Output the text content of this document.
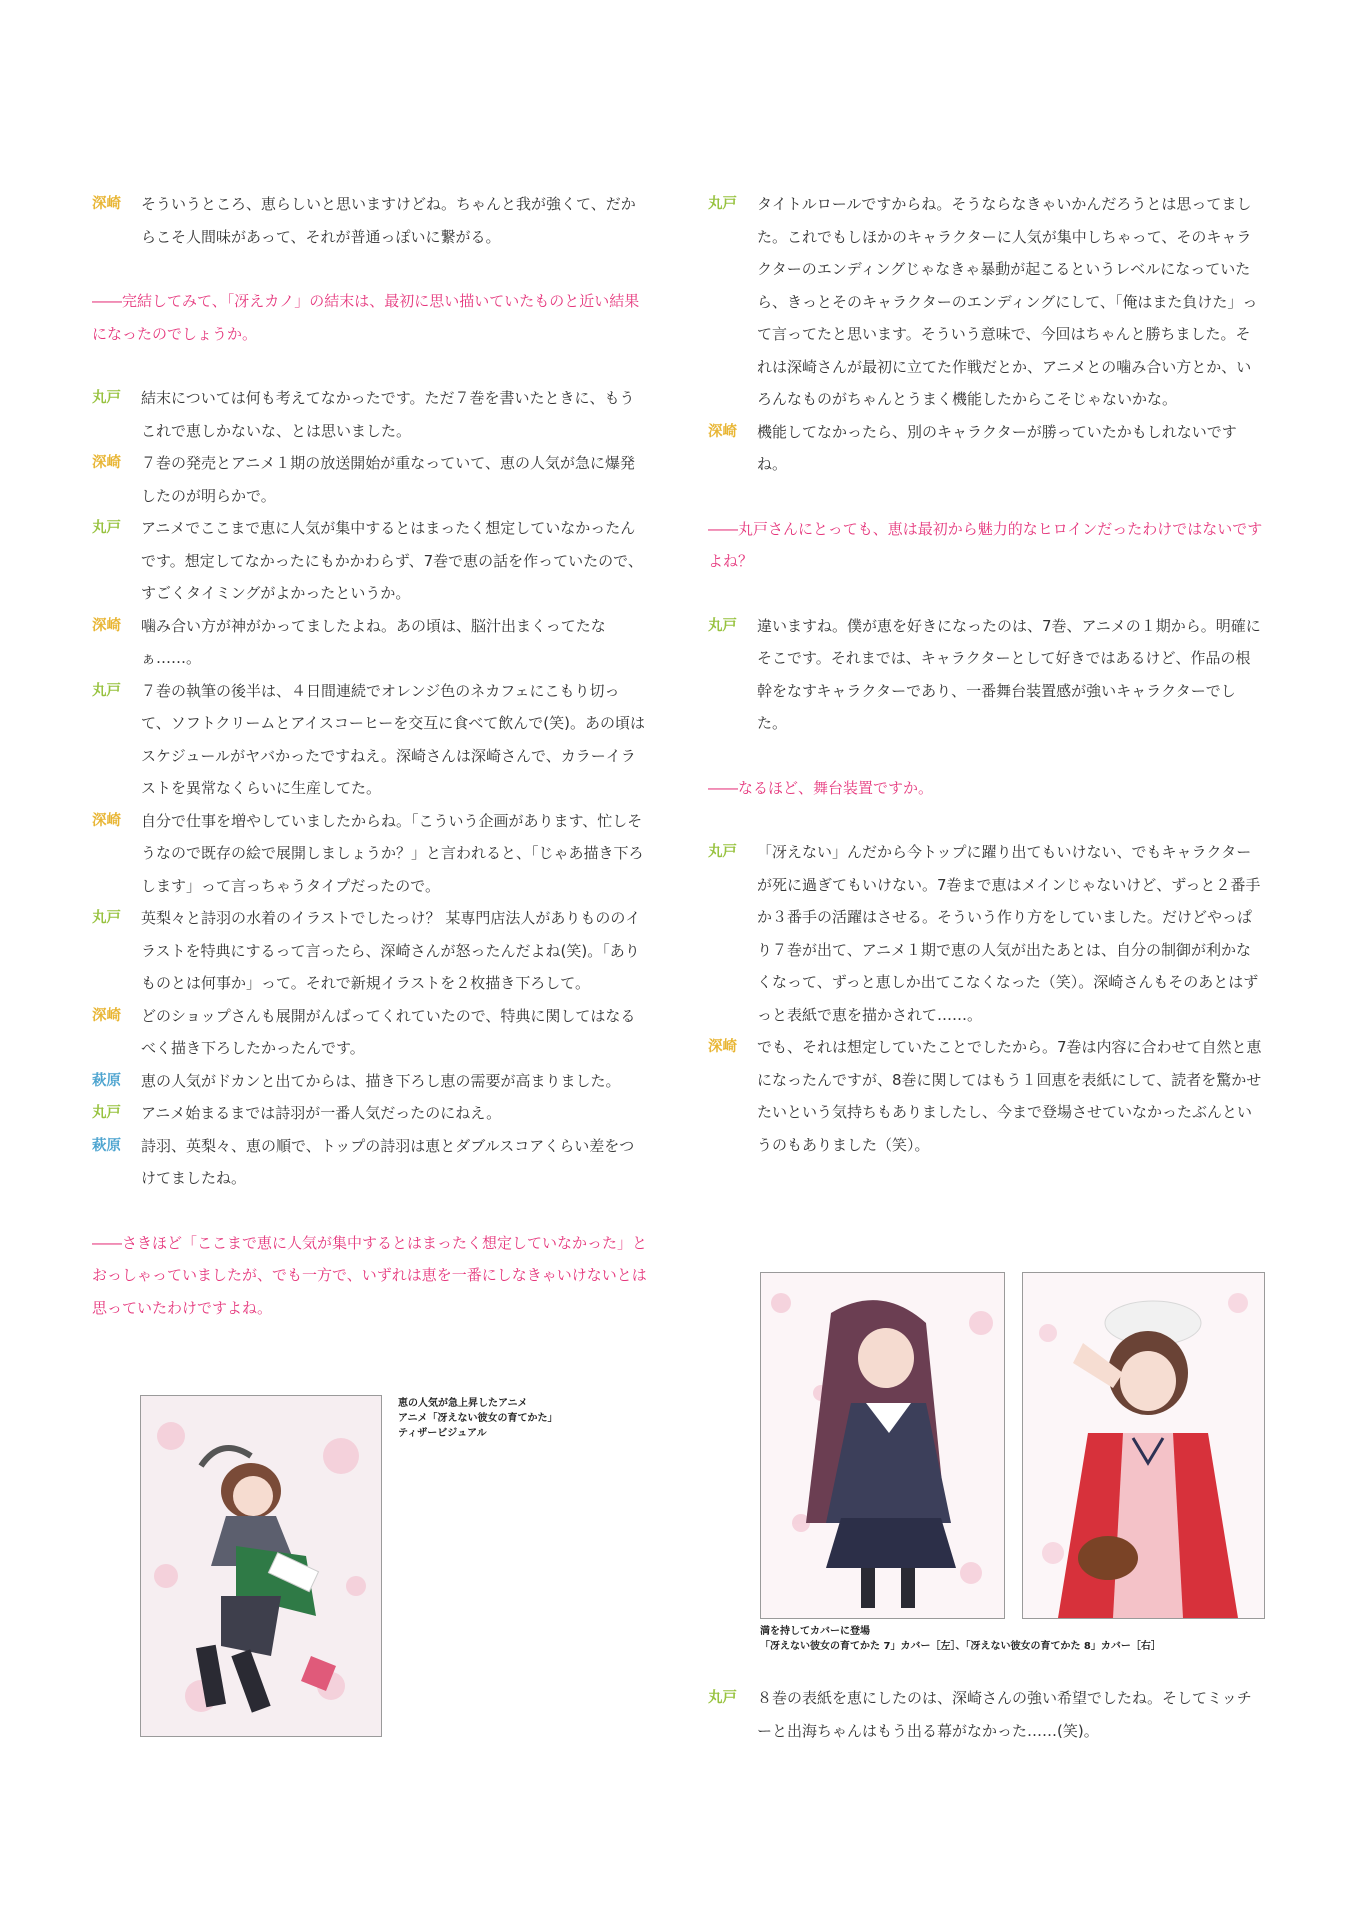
深崎 そういうところ、恵らしいと思いますけどね。ちゃんと我が強くて、だからこそ人間味があって、それが普通っぽいに繋がる。
――完結してみて、「冴えカノ」の結末は、最初に思い描いていたものと近い結果になったのでしょうか。
丸戸 結末については何も考えてなかったです。ただ７巻を書いたときに、もうこれで恵しかないな、とは思いました。
深崎 ７巻の発売とアニメ１期の放送開始が重なっていて、恵の人気が急に爆発したのが明らかで。
丸戸 アニメでここまで恵に人気が集中するとはまったく想定していなかったんです。想定してなかったにもかかわらず、7巻で恵の話を作っていたので、すごくタイミングがよかったというか。
深崎 噛み合い方が神がかってましたよね。あの頃は、脳汁出まくってたなぁ……。
丸戸 ７巻の執筆の後半は、４日間連続でオレンジ色のネカフェにこもり切って、ソフトクリームとアイスコーヒーを交互に食べて飲んで(笑)。あの頃はスケジュールがヤバかったですねえ。深崎さんは深崎さんで、カラーイラストを異常なくらいに生産してた。
深崎 自分で仕事を増やしていましたからね。「こういう企画があります、忙しそうなので既存の絵で展開しましょうか？」と言われると、「じゃあ描き下ろします」って言っちゃうタイプだったので。
丸戸 英梨々と詩羽の水着のイラストでしたっけ？ 某専門店法人がありもののイラストを特典にするって言ったら、深崎さんが怒ったんだよね(笑)。「ありものとは何事か」って。それで新規イラストを２枚描き下ろして。
深崎 どのショップさんも展開がんばってくれていたので、特典に関してはなるべく描き下ろしたかったんです。
萩原 恵の人気がドカンと出てからは、描き下ろし恵の需要が高まりました。
丸戸 アニメ始まるまでは詩羽が一番人気だったのにねえ。
萩原 詩羽、英梨々、恵の順で、トップの詩羽は恵とダブルスコアくらい差をつけてましたね。
――さきほど「ここまで恵に人気が集中するとはまったく想定していなかった」とおっしゃっていましたが、でも一方で、いずれは恵を一番にしなきゃいけないとは思っていたわけですよね。
丸戸 タイトルロールですからね。そうならなきゃいかんだろうとは思ってました。これでもしほかのキャラクターに人気が集中しちゃって、そのキャラクターのエンディングじゃなきゃ暴動が起こるというレベルになっていたら、きっとそのキャラクターのエンディングにして、「俺はまた負けた」って言ってたと思います。そういう意味で、今回はちゃんと勝ちました。それは深崎さんが最初に立てた作戦だとか、アニメとの噛み合い方とか、いろんなものがちゃんとうまく機能したからこそじゃないかな。
深崎 機能してなかったら、別のキャラクターが勝っていたかもしれないですね。
――丸戸さんにとっても、恵は最初から魅力的なヒロインだったわけではないですよね？
丸戸 違いますね。僕が恵を好きになったのは、7巻、アニメの１期から。明確にそこです。それまでは、キャラクターとして好きではあるけど、作品の根幹をなすキャラクターであり、一番舞台装置感が強いキャラクターでした。
――なるほど、舞台装置ですか。
丸戸 「冴えない」んだから今トップに躍り出てもいけない、でもキャラクターが死に過ぎてもいけない。7巻まで恵はメインじゃないけど、ずっと２番手か３番手の活躍はさせる。そういう作り方をしていました。だけどやっぱり７巻が出て、アニメ１期で恵の人気が出たあとは、自分の制御が利かなくなって、ずっと恵しか出てこなくなった（笑）。深崎さんもそのあとはずっと表紙で恵を描かされて……。
深崎 でも、それは想定していたことでしたから。7巻は内容に合わせて自然と恵になったんですが、8巻に関してはもう１回恵を表紙にして、読者を驚かせたいという気持ちもありましたし、今まで登場させていなかったぶんというのもありました（笑）。
恵の人気が急上昇したアニメ
アニメ「冴えない彼女の育てかた」
ティザービジュアル
満を持してカバーに登場
「冴えない彼女の育てかた 7」カバー［左］、「冴えない彼女の育てかた 8」カバー［右］
丸戸 ８巻の表紙を恵にしたのは、深崎さんの強い希望でしたね。そしてミッチーと出海ちゃんはもう出る幕がなかった……(笑)。
